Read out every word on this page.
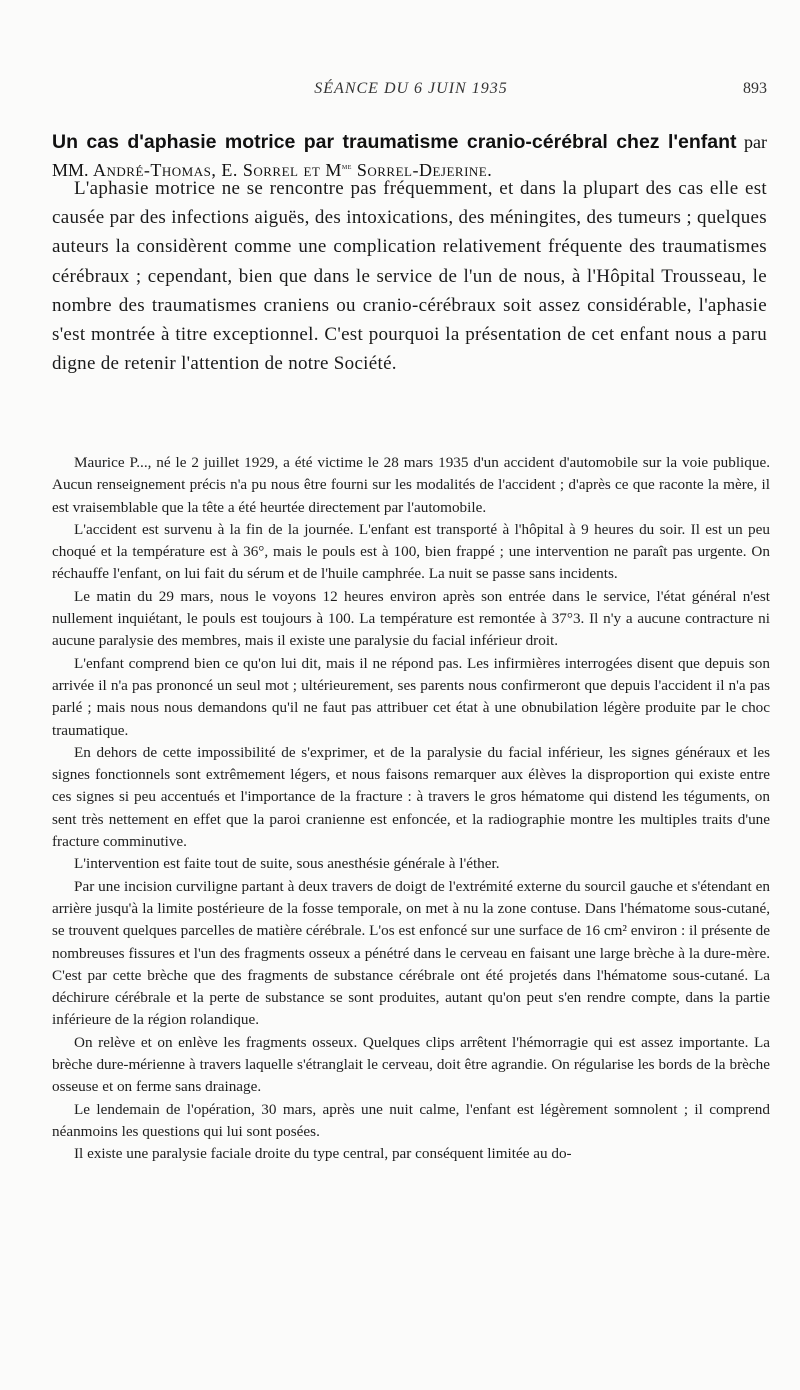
SÉANCE DU 6 JUIN 1935	893
Un cas d'aphasie motrice par traumatisme cranio-cérébral chez l'enfant par MM. André-Thomas, E. Sorrel et $M^{me}$ Sorrel-Dejerine.

L'aphasie motrice ne se rencontre pas fréquemment, et dans la plupart des cas elle est causée par des infections aiguës, des intoxications, des méningites, des tumeurs ; quelques auteurs la considèrent comme une complication relativement fréquente des traumatismes cérébraux ; cependant, bien que dans le service de l'un de nous, à l'Hôpital Trousseau, le nombre des traumatismes craniens ou cranio-cérébraux soit assez considérable, l'aphasie s'est montrée à titre exceptionnel. C'est pourquoi la présentation de cet enfant nous a paru digne de retenir l'attention de notre Société.

Maurice P..., né le 2 juillet 1929, a été victime le 28 mars 1935 d'un accident d'automobile sur la voie publique. Aucun renseignement précis n'a pu nous être fourni sur les modalités de l'accident ; d'après ce que raconte la mère, il est vraisemblable que la tête a été heurtée directement par l'automobile.

L'accident est survenu à la fin de la journée. L'enfant est transporté à l'hôpital à 9 heures du soir. Il est un peu choqué et la température est à 36°, mais le pouls est à 100, bien frappé ; une intervention ne paraît pas urgente. On réchauffe l'enfant, on lui fait du sérum et de l'huile camphrée. La nuit se passe sans incidents.

Le matin du 29 mars, nous le voyons 12 heures environ après son entrée dans le service, l'état général n'est nullement inquiétant, le pouls est toujours à 100. La température est remontée à 37°3. Il n'y a aucune contracture ni aucune paralysie des membres, mais il existe une paralysie du facial inférieur droit.

L'enfant comprend bien ce qu'on lui dit, mais il ne répond pas. Les infirmières interrogées disent que depuis son arrivée il n'a pas prononcé un seul mot ; ultérieurement, ses parents nous confirmeront que depuis l'accident il n'a pas parlé ; mais nous nous demandons qu'il ne faut pas attribuer cet état à une obnubilation légère produite par le choc traumatique.

En dehors de cette impossibilité de s'exprimer, et de la paralysie du facial inférieur, les signes généraux et les signes fonctionnels sont extrêmement légers, et nous faisons remarquer aux élèves la disproportion qui existe entre ces signes si peu accentués et l'importance de la fracture : à travers le gros hématome qui distend les téguments, on sent très nettement en effet que la paroi cranienne est enfoncée, et la radiographie montre les multiples traits d'une fracture comminutive.

L'intervention est faite tout de suite, sous anesthésie générale à l'éther.

Par une incision curviligne partant à deux travers de doigt de l'extrémité externe du sourcil gauche et s'étendant en arrière jusqu'à la limite postérieure de la fosse temporale, on met à nu la zone contuse. Dans l'hématome sous-cutané, se trouvent quelques parcelles de matière cérébrale. L'os est enfoncé sur une surface de 16 cm² environ : il présente de nombreuses fissures et l'un des fragments osseux a pénétré dans le cerveau en faisant une large brèche à la dure-mère. C'est par cette brèche que des fragments de substance cérébrale ont été projetés dans l'hématome sous-cutané. La déchirure cérébrale et la perte de substance se sont produites, autant qu'on peut s'en rendre compte, dans la partie inférieure de la région rolandique.

On relève et on enlève les fragments osseux. Quelques clips arrêtent l'hémorragie qui est assez importante. La brèche dure-mérienne à travers laquelle s'étranglait le cerveau, doit être agrandie. On régularise les bords de la brèche osseuse et on ferme sans drainage.

Le lendemain de l'opération, 30 mars, après une nuit calme, l'enfant est légèrement somnolent ; il comprend néanmoins les questions qui lui sont posées.

Il existe une paralysie faciale droite du type central, par conséquent limitée au do-
